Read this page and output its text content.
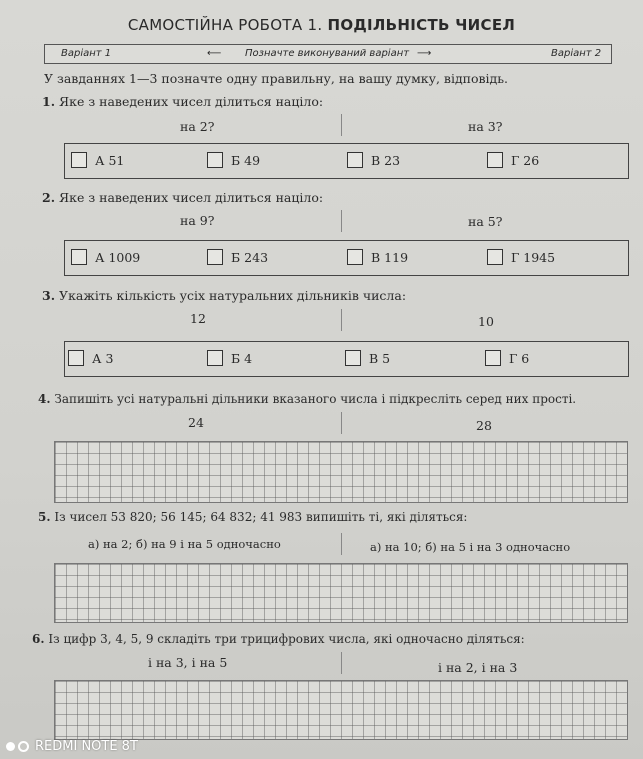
САМОСТІЙНА РОБОТА 1. ПОДІЛЬНІСТЬ ЧИСЕЛ
Варіант 1	⟵ Позначте виконуваний варіант ⟶	Варіант 2
У завданнях 1—3 позначте одну правильну, на вашу думку, відповідь.
1. Яке з наведених чисел ділиться націло:
на 2?	на 3?
А
51	Б
49	В
23	Г
26
2. Яке з наведених чисел ділиться націло:
на 9?	на 5?
А
1009	Б
243	В
119	Г
1945
3. Укажіть кількість усіх натуральних дільників числа:
12	10
А
3	Б
4	В
5	Г
6
4. Запишіть усі натуральні дільники вказаного числа і підкресліть серед них прості.
24	28
5. Із чисел 53 820; 56 145; 64 832; 41 983 випишіть ті, які діляться:
а) на 2; б) на 9 і на 5 одночасно	а) на 10; б) на 5 і на 3 одночасно
6. Із цифр 3, 4, 5, 9 складіть три трицифрових числа, які одночасно діляться:
і на 3, і на 5	і на 2, і на 3
REDMI NOTE 8T
